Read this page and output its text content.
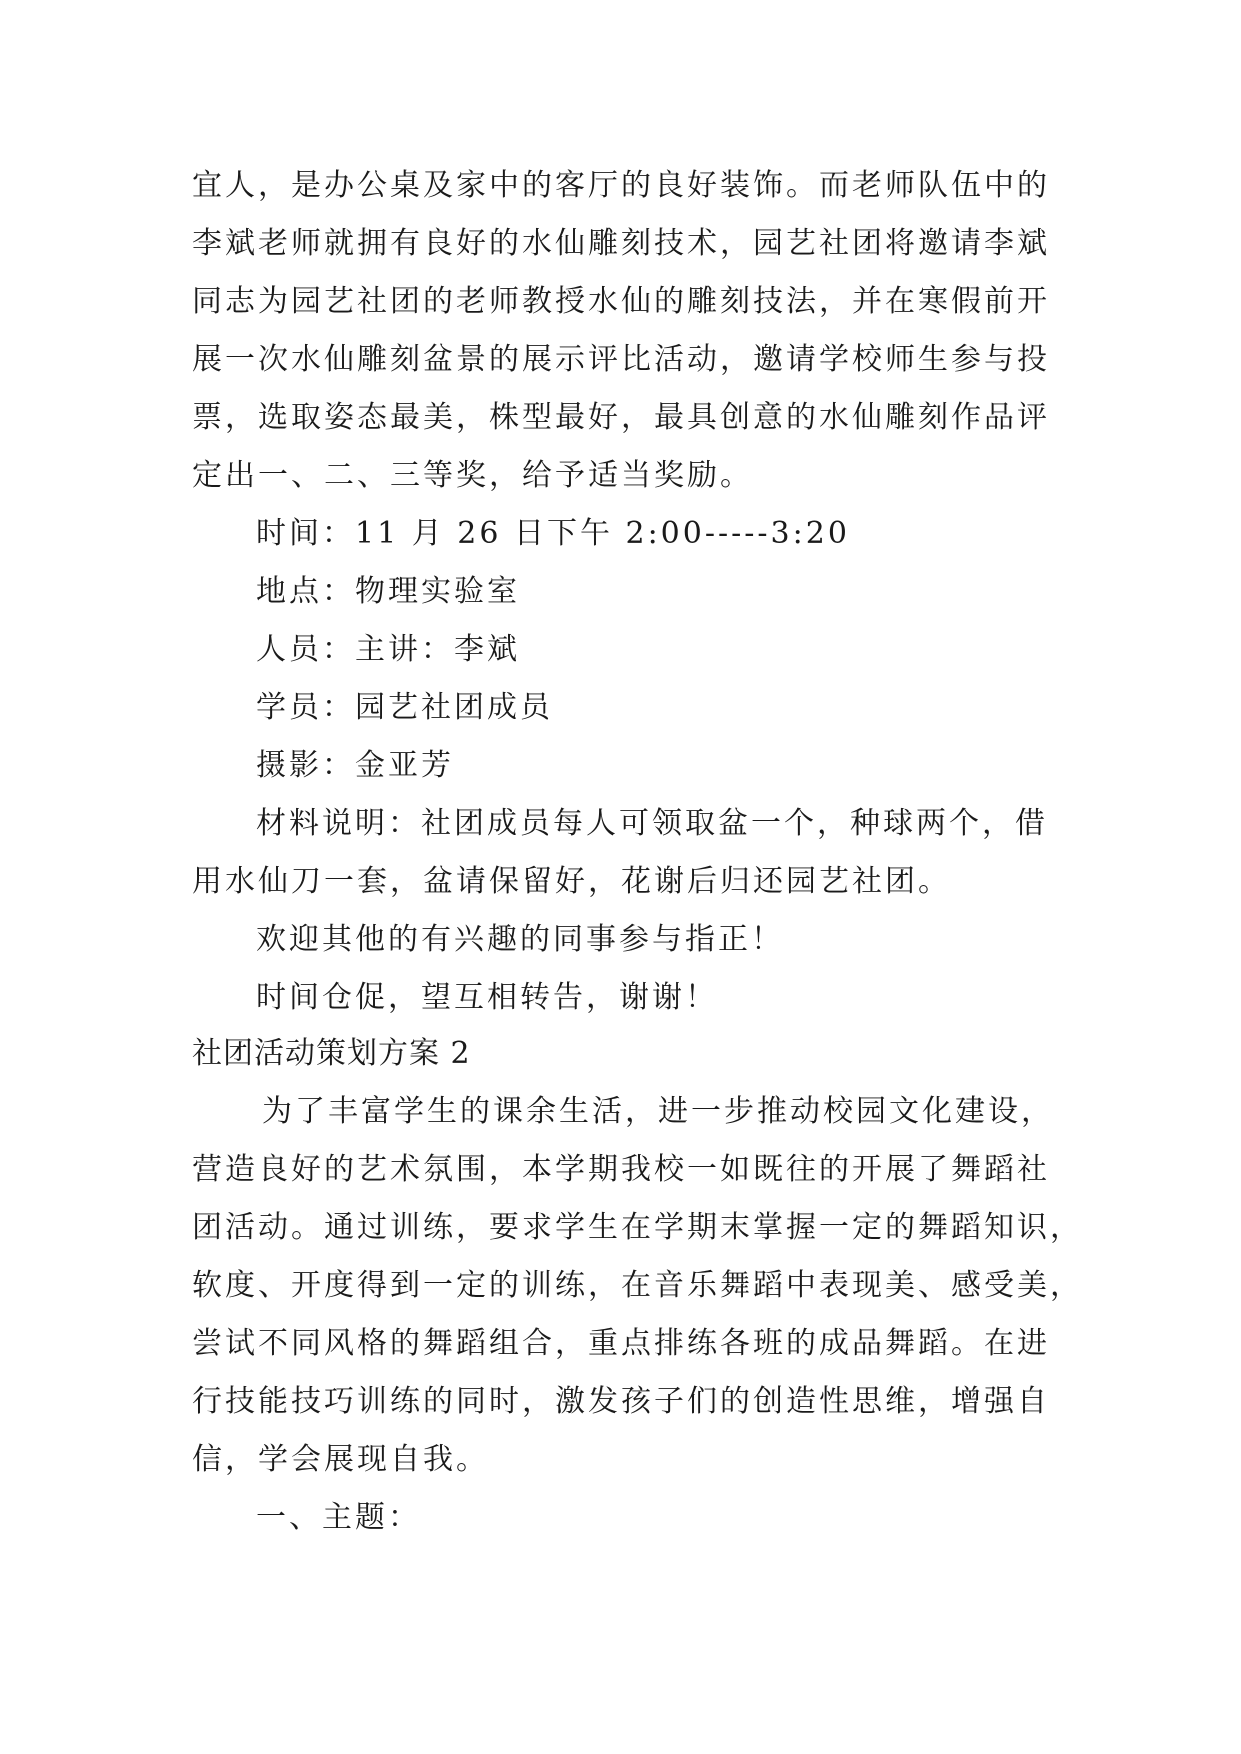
宜人，是办公桌及家中的客厅的良好装饰。而老师队伍中的
李斌老师就拥有良好的水仙雕刻技术，园艺社团将邀请李斌
同志为园艺社团的老师教授水仙的雕刻技法，并在寒假前开
展一次水仙雕刻盆景的展示评比活动，邀请学校师生参与投
票，选取姿态最美，株型最好，最具创意的水仙雕刻作品评
定出一、二、三等奖，给予适当奖励。
时间：11 月 26 日下午 2:00-----3:20
地点：物理实验室
人员：主讲：李斌
学员：园艺社团成员
摄影：金亚芳
材料说明：社团成员每人可领取盆一个，种球两个，借
用水仙刀一套，盆请保留好，花谢后归还园艺社团。
欢迎其他的有兴趣的同事参与指正！
时间仓促，望互相转告，谢谢！
社团活动策划方案 2
为了丰富学生的课余生活，进一步推动校园文化建设，
营造良好的艺术氛围，本学期我校一如既往的开展了舞蹈社
团活动。通过训练，要求学生在学期末掌握一定的舞蹈知识，
软度、开度得到一定的训练，在音乐舞蹈中表现美、感受美，
尝试不同风格的舞蹈组合，重点排练各班的成品舞蹈。在进
行技能技巧训练的同时，激发孩子们的创造性思维，增强自
信，学会展现自我。
一、主题：
